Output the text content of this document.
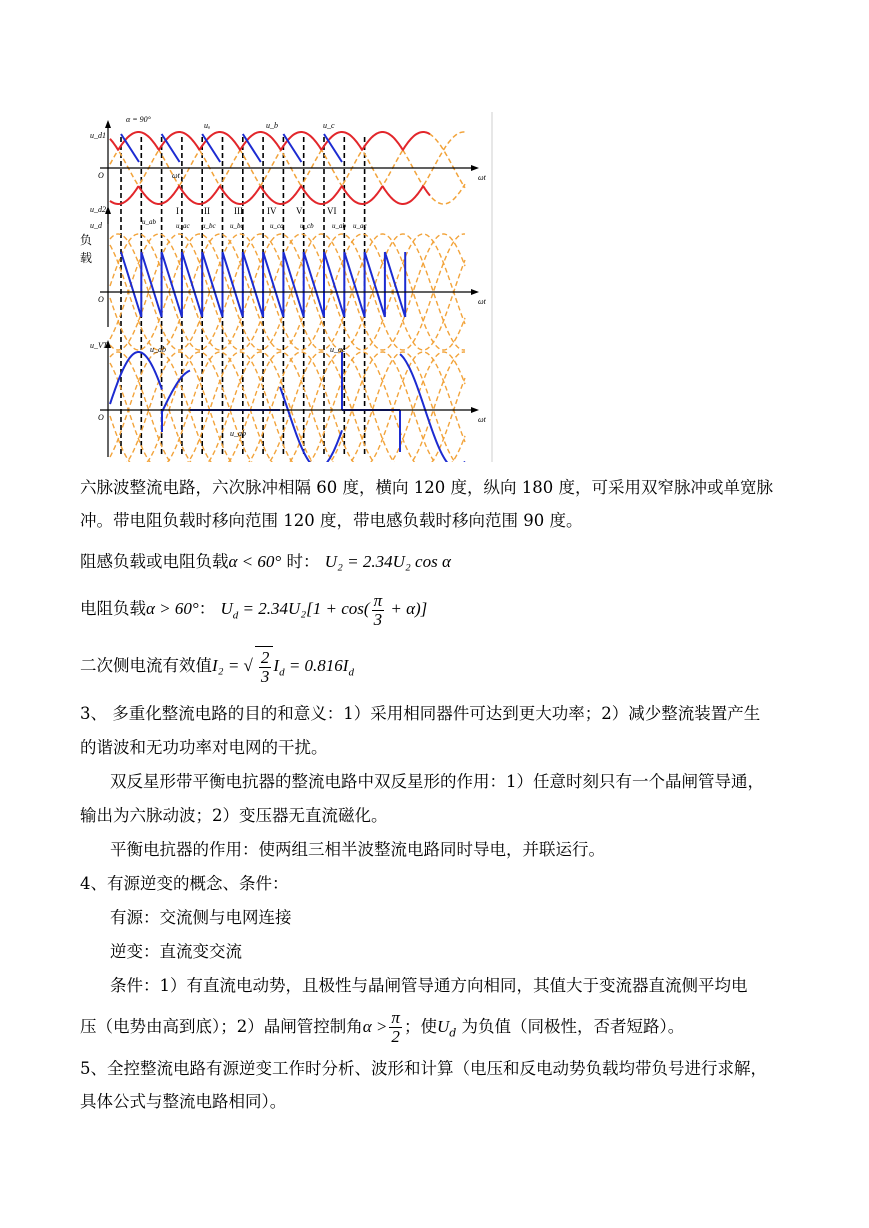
u_d1
O	ωt
α = 90°
uₐ	u_b	u_c
ωt₁
u_d2
u_d
O	ωt
u_VT
O	ωt
u_ab	u_ac
u_ab
u_ab	u_ac u_bc u_ba	u_ca u_cb	u_ab u_ac
I	II	III	IV V	VI
负
载
六脉波整流电路，六次脉冲相隔 60 度，横向 120 度，纵向 180 度，可采用双窄脉冲或单宽脉
冲。带电阻负载时移向范围 120 度，带电感负载时移向范围 90 度。
阻感负载或电阻负载α < 60° 时： U₂ = 2.34U₂ cos α
电阻负载α > 60°： $U_d = 2.34U_2[1 + \cos( \frac{\pi}{3} + \alpha)]$
二次侧电流有效值I₂ = √ $\frac{2}{3} I_d = 0.816I_d$
3、 多重化整流电路的目的和意义：1）采用相同器件可达到更大功率；2）减少整流装置产生
的谐波和无功功率对电网的干扰。
双反星形带平衡电抗器的整流电路中双反星形的作用：1）任意时刻只有一个晶闸管导通，
输出为六脉动波；2）变压器无直流磁化。
平衡电抗器的作用：使两组三相半波整流电路同时导电，并联运行。
4、有源逆变的概念、条件：
有源：交流侧与电网连接
逆变：直流变交流
条件：1）有直流电动势，且极性与晶闸管导通方向相同，其值大于变流器直流侧平均电
压（电势由高到底）；2）晶闸管控制角$\alpha > \frac{\pi}{2}$ ；使$U_d$ 为负值（同极性，否者短路）。
5、全控整流电路有源逆变工作时分析、波形和计算（电压和反电动势负载均带负号进行求解，
具体公式与整流电路相同）。
